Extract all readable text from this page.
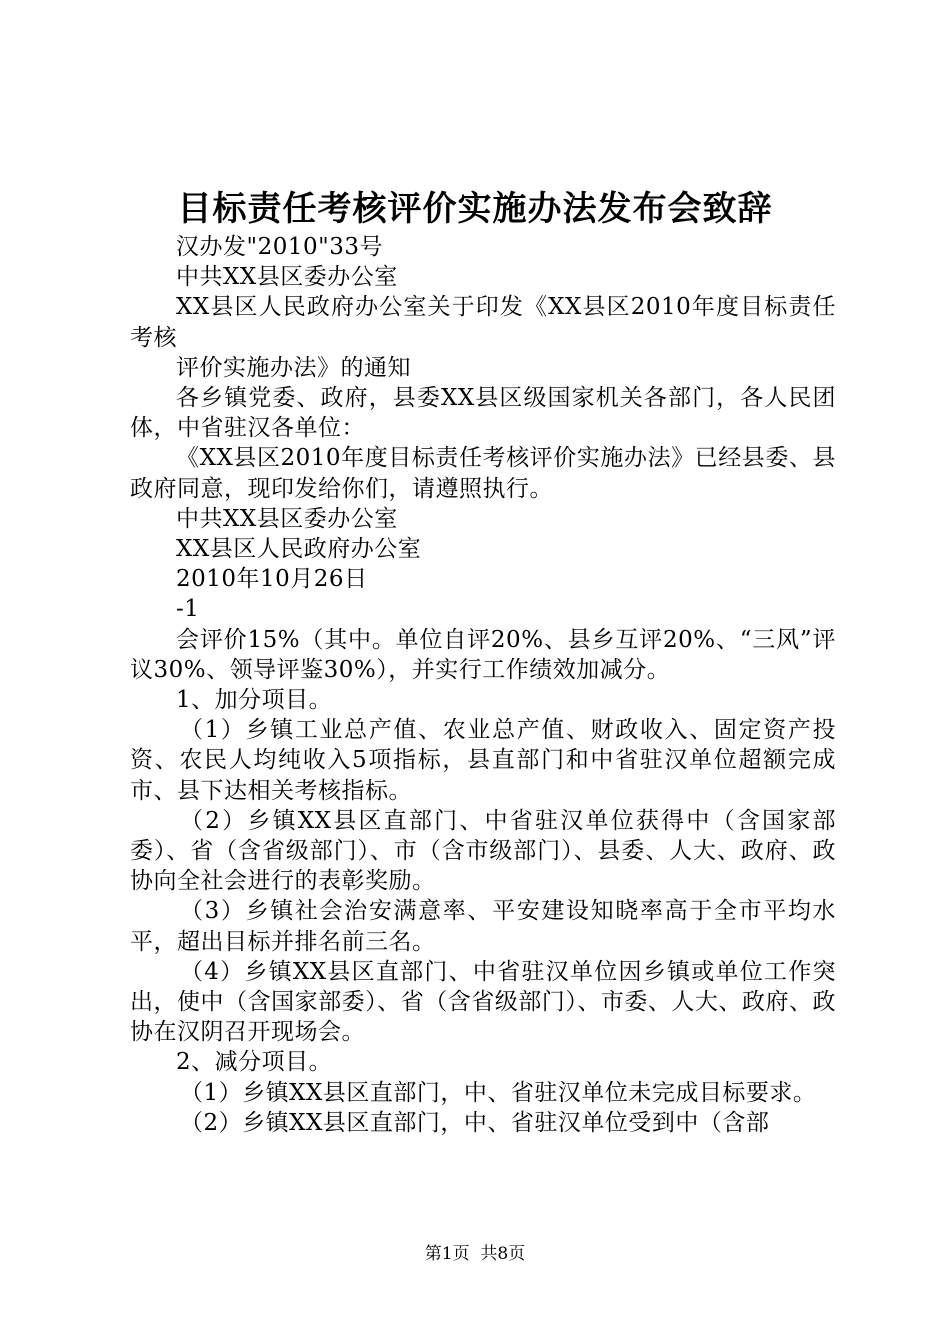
目标责任考核评价实施办法发布会致辞

汉办发"2010"33号

中共XX县区委办公室

XX县区人民政府办公室关于印发《XX县区2010年度目标责任考核

评价实施办法》的通知

各乡镇党委、政府，县委XX县区级国家机关各部门，各人民团体，中省驻汉各单位：

《XX县区2010年度目标责任考核评价实施办法》已经县委、县政府同意，现印发给你们，请遵照执行。

中共XX县区委办公室

XX县区人民政府办公室

2010年10月26日

-1

会评价15%（其中。单位自评20%、县乡互评20%、“三风”评议30%、领导评鉴30%），并实行工作绩效加减分。

1、加分项目。

（1）乡镇工业总产值、农业总产值、财政收入、固定资产投资、农民人均纯收入5项指标，县直部门和中省驻汉单位超额完成市、县下达相关考核指标。

（2）乡镇XX县区直部门、中省驻汉单位获得中（含国家部委）、省（含省级部门）、市（含市级部门）、县委、人大、政府、政协向全社会进行的表彰奖励。

（3）乡镇社会治安满意率、平安建设知晓率高于全市平均水平，超出目标并排名前三名。

（4）乡镇XX县区直部门、中省驻汉单位因乡镇或单位工作突出，使中（含国家部委）、省（含省级部门）、市委、人大、政府、政协在汉阴召开现场会。

2、减分项目。

（1）乡镇XX县区直部门，中、省驻汉单位未完成目标要求。

（2）乡镇XX县区直部门，中、省驻汉单位受到中（含部

第1页  共8页
